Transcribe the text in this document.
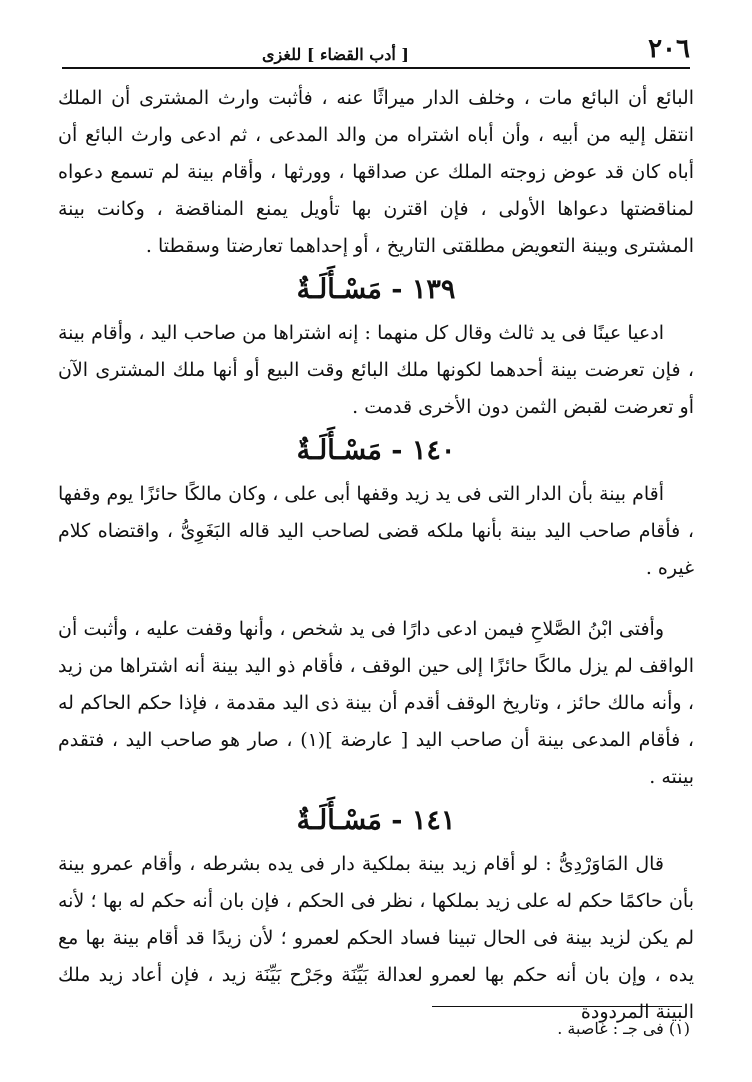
٢٠٦
[ أدب القضاء ] للغزى

البائع أن البائع مات ، وخلف الدار ميراثًا عنه ، فأثبت وارث المشترى أن الملك انتقل إليه من أبيه ، وأن أباه اشتراه من والد المدعى ، ثم ادعى وارث البائع أن أباه كان قد عوض زوجته الملك عن صداقها ، وورثها ، وأقام بينة لم تسمع دعواه لمناقضتها دعواها الأولى ، فإن اقترن بها تأويل يمنع المناقضة ، وكانت بينة المشترى وبينة التعويض مطلقتى التاريخ ، أو إحداهما تعارضتا وسقطتا .

١٣٩ - مَسْـأَلَـةٌ

ادعيا عينًا فى يد ثالث وقال كل منهما : إنه اشتراها من صاحب اليد ، وأقام بينة ، فإن تعرضت بينة أحدهما لكونها ملك البائع وقت البيع أو أنها ملك المشترى الآن أو تعرضت لقبض الثمن دون الأخرى قدمت .

١٤٠ - مَسْـأَلَـةٌ

أقام بينة بأن الدار التى فى يد زيد وقفها أبى على ، وكان مالكًا حائزًا يوم وقفها ، فأقام صاحب اليد بينة بأنها ملكه قضى لصاحب اليد قاله البَغَوِىُّ ، واقتضاه كلام غيره .

وأفتى ابْنُ الصَّلاحِ فيمن ادعى دارًا فى يد شخص ، وأنها وقفت عليه ، وأثبت أن الواقف لم يزل مالكًا حائزًا إلى حين الوقف ، فأقام ذو اليد بينة أنه اشتراها من زيد ، وأنه مالك حائز ، وتاريخ الوقف أقدم أن بينة ذى اليد مقدمة ، فإذا حكم الحاكم له ، فأقام المدعى بينة أن صاحب اليد [ عارضة ](١) ، صار هو صاحب اليد ، فتقدم بينته .

١٤١ - مَسْـأَلَـةٌ

قال المَاوَرْدِىُّ : لو أقام زيد بينة بملكية دار فى يده بشرطه ، وأقام عمرو بينة بأن حاكمًا حكم له على زيد بملكها ، نظر فى الحكم ، فإن بان أنه حكم له بها ؛ لأنه لم يكن لزيد بينة فى الحال تبينا فساد الحكم لعمرو ؛ لأن زيدًا قد أقام بينة بها مع يده ، وإن بان أنه حكم بها لعمرو لعدالة بَيِّنَة وجَرْح بَيِّنَة زيد ، فإن أعاد زيد ملك البينة المردودة

(١) فى جـ : غاصبة .
